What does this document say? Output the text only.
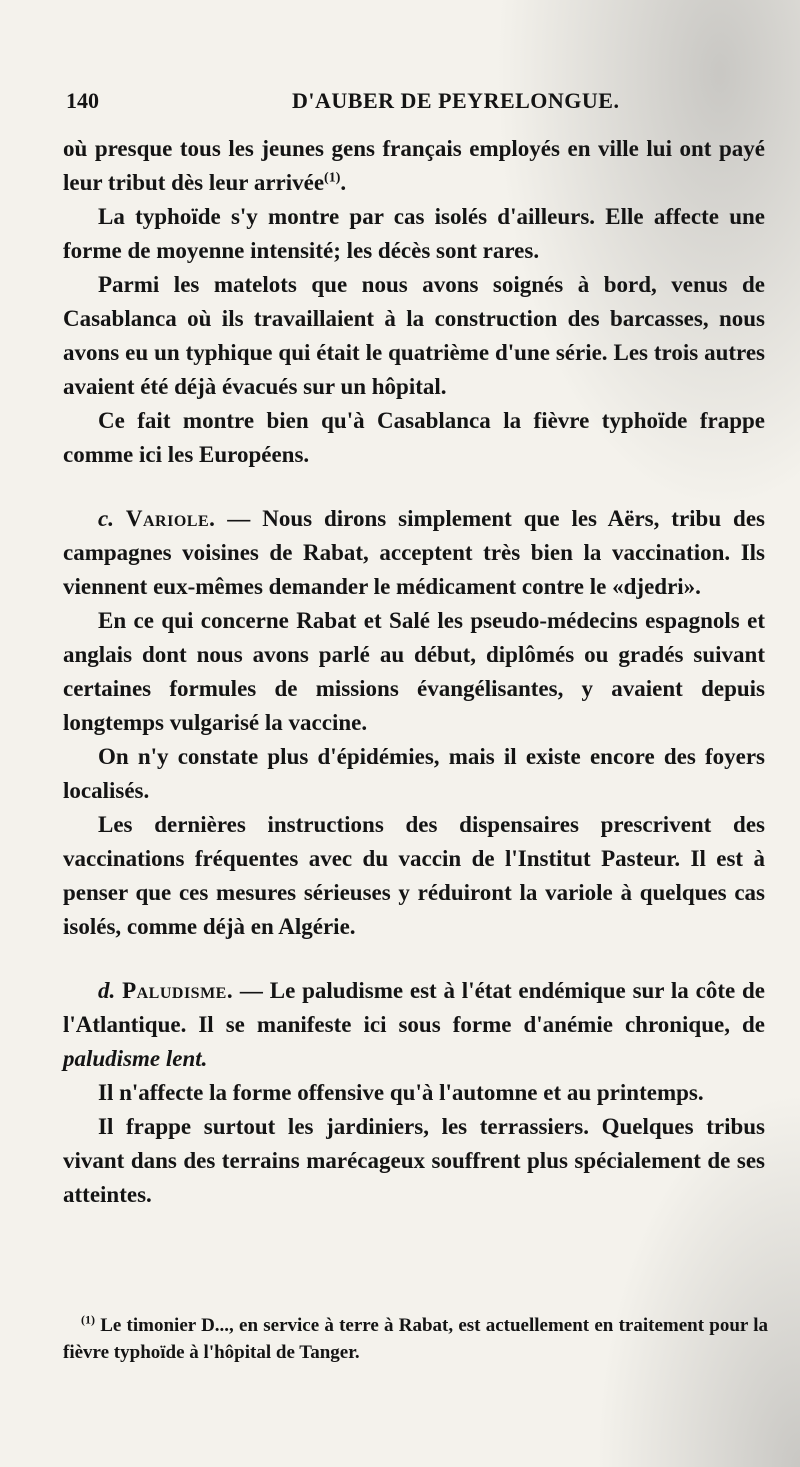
140	D'AUBER DE PEYRELONGUE.

où presque tous les jeunes gens français employés en ville lui ont payé leur tribut dès leur arrivée$^{(1)}$.

La typhoïde s'y montre par cas isolés d'ailleurs. Elle affecte une forme de moyenne intensité; les décès sont rares.

Parmi les matelots que nous avons soignés à bord, venus de Casablanca où ils travaillaient à la construction des barcasses, nous avons eu un typhique qui était le quatrième d'une série. Les trois autres avaient été déjà évacués sur un hôpital.

Ce fait montre bien qu'à Casablanca la fièvre typhoïde frappe comme ici les Européens.

c. Variole. — Nous dirons simplement que les Aërs, tribu des campagnes voisines de Rabat, acceptent très bien la vaccination. Ils viennent eux-mêmes demander le médicament contre le «djedri».

En ce qui concerne Rabat et Salé les pseudo-médecins espagnols et anglais dont nous avons parlé au début, diplômés ou gradés suivant certaines formules de missions évangélisantes, y avaient depuis longtemps vulgarisé la vaccine.

On n'y constate plus d'épidémies, mais il existe encore des foyers localisés.

Les dernières instructions des dispensaires prescrivent des vaccinations fréquentes avec du vaccin de l'Institut Pasteur. Il est à penser que ces mesures sérieuses y réduiront la variole à quelques cas isolés, comme déjà en Algérie.

d. Paludisme. — Le paludisme est à l'état endémique sur la côte de l'Atlantique. Il se manifeste ici sous forme d'anémie chronique, de paludisme lent.

Il n'affecte la forme offensive qu'à l'automne et au printemps.

Il frappe surtout les jardiniers, les terrassiers. Quelques tribus vivant dans des terrains marécageux souffrent plus spécialement de ses atteintes.

$^{(1)}$ Le timonier D..., en service à terre à Rabat, est actuellement en traitement pour la fièvre typhoïde à l'hôpital de Tanger.
